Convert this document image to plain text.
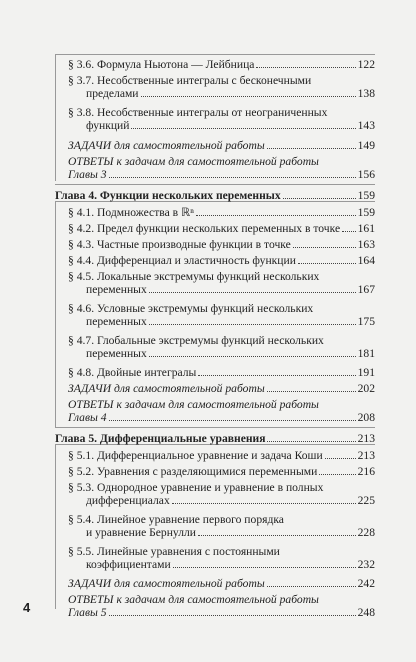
§ 3.6. Формула Ньютона — Лейбница	122
§ 3.7. Несобственные интегралы с бесконечными
пределами	138
§ 3.8. Несобственные интегралы от неограниченных
функций	143
ЗАДАЧИ для самостоятельной работы	149
ОТВЕТЫ к задачам для самостоятельной работы
Главы 3	156
Глава 4. Функции нескольких переменных	159
§ 4.1. Подмножества в ℝⁿ	159
§ 4.2. Предел функции нескольких переменных в точке 161
§ 4.3. Частные производные функции в точке	163
§ 4.4. Дифференциал и эластичность функции	164
§ 4.5. Локальные экстремумы функций нескольких
переменных	167
§ 4.6. Условные экстремумы функций нескольких
переменных	175
§ 4.7. Глобальные экстремумы функций нескольких
переменных	181
§ 4.8. Двойные интегралы	191
ЗАДАЧИ для самостоятельной работы	202
ОТВЕТЫ к задачам для самостоятельной работы
Главы 4	208
Глава 5. Дифференциальные уравнения	213
§ 5.1. Дифференциальное уравнение и задача Коши	213
§ 5.2. Уравнения с разделяющимися переменными	216
§ 5.3. Однородное уравнение и уравнение в полных
дифференциалах	225
§ 5.4. Линейное уравнение первого порядка
и уравнение Бернулли	228
§ 5.5. Линейные уравнения с постоянными
коэффициентами	232
ЗАДАЧИ для самостоятельной работы	242
ОТВЕТЫ к задачам для самостоятельной работы
Главы 5	248
4
